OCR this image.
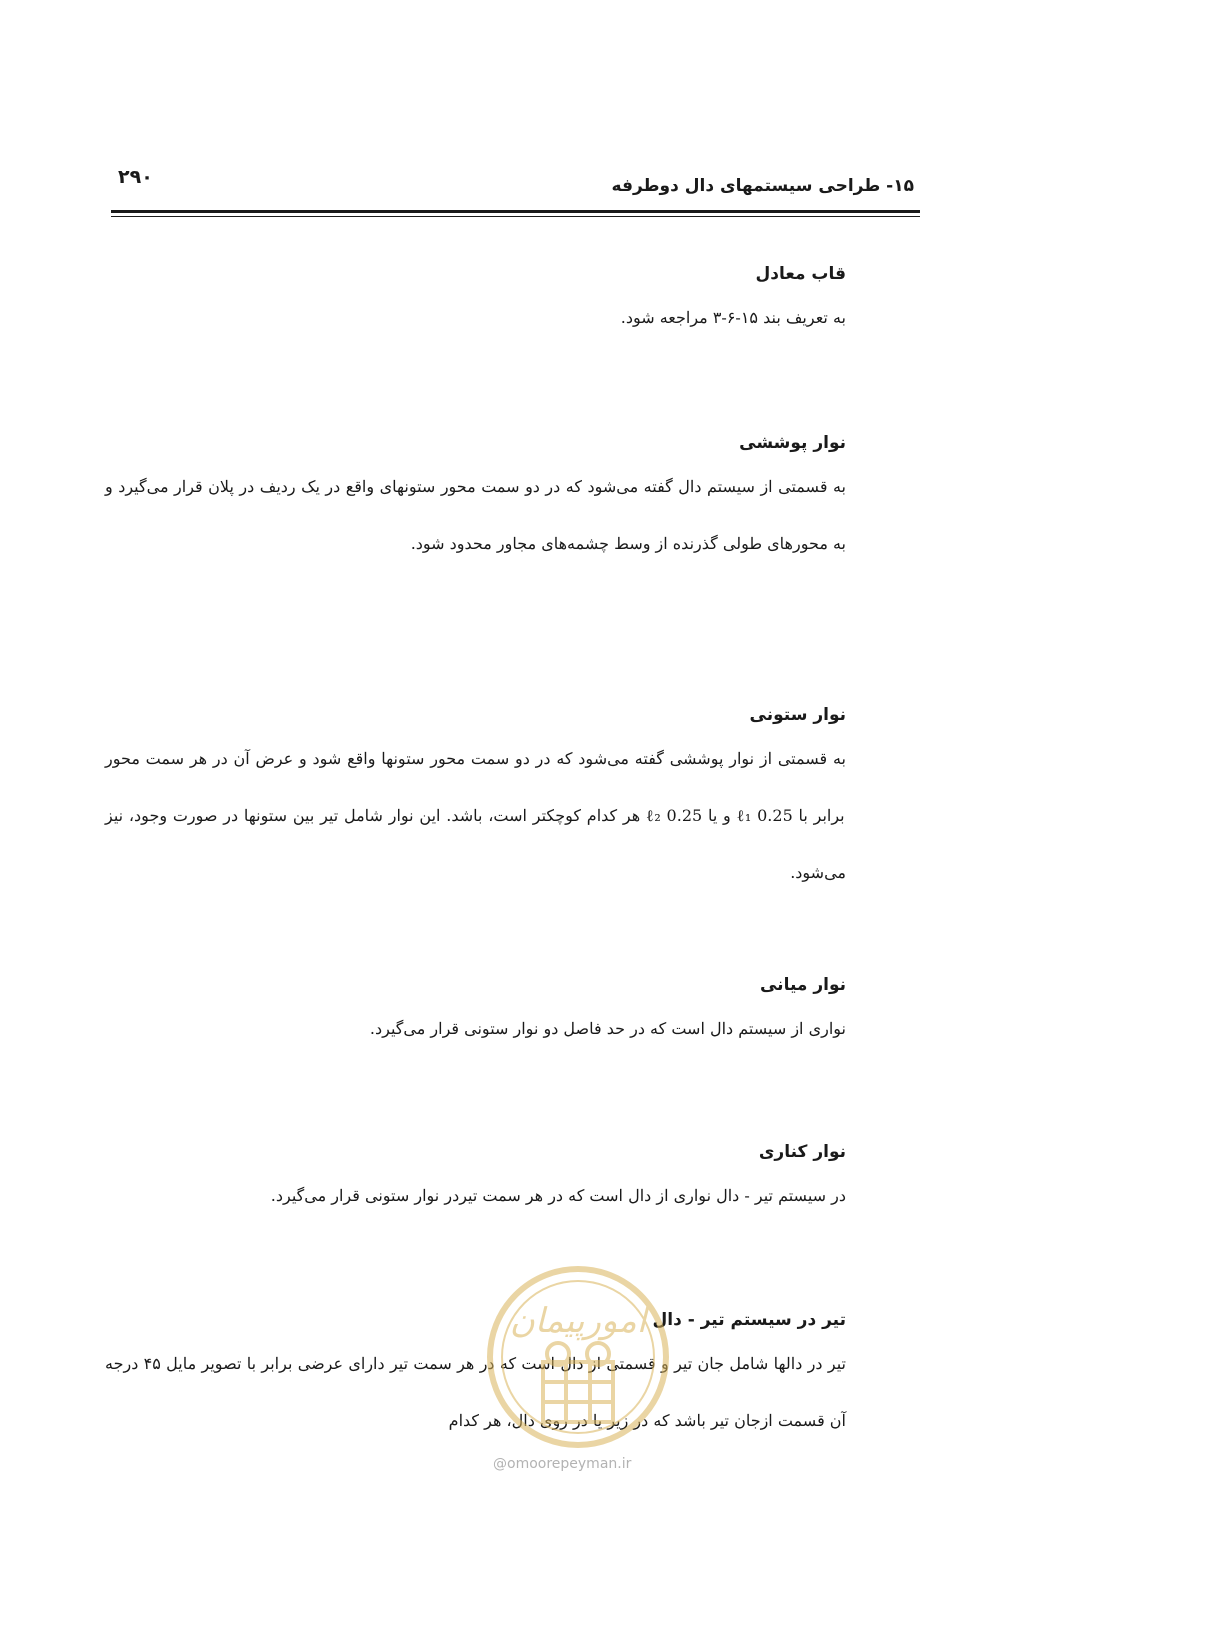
۲۹۰	۱۵- طراحی سیستمهای دال دوطرفه
قاب معادل

به تعریف بند ۱۵-۶-۳ مراجعه شود.

نوار پوششی

به قسمتی از سیستم دال گفته می‌شود که در دو سمت محور ستونهای واقع در یک ردیف در پلان قرار می‌گیرد و به محورهای طولی گذرنده از وسط چشمه‌های مجاور محدود شود.

نوار ستونی

به قسمتی از نوار پوششی گفته می‌شود که در دو سمت محور ستونها واقع شود و عرض آن در هر سمت محور برابر با 0.25 ℓ₁ و یا 0.25 ℓ₂ هر کدام کوچکتر است، باشد. این نوار شامل تیر بین ستونها در صورت وجود، نیز می‌شود.

نوار میانی

نواری از سیستم دال است که در حد فاصل دو نوار ستونی قرار می‌گیرد.

نوار کناری

در سیستم تیر - دال نواری از دال است که در هر سمت تیردر نوار ستونی قرار می‌گیرد.

تیر در سیستم تیر - دال

تیر در دالها شامل جان تیر و قسمتی از دال است که در هر سمت تیر دارای عرضی برابر با تصویر مایل ۴۵ درجه آن قسمت ازجان تیر باشد که در زیر یا در روی دال، هر کدام

امورپیمان
@omoorepeyman.ir
